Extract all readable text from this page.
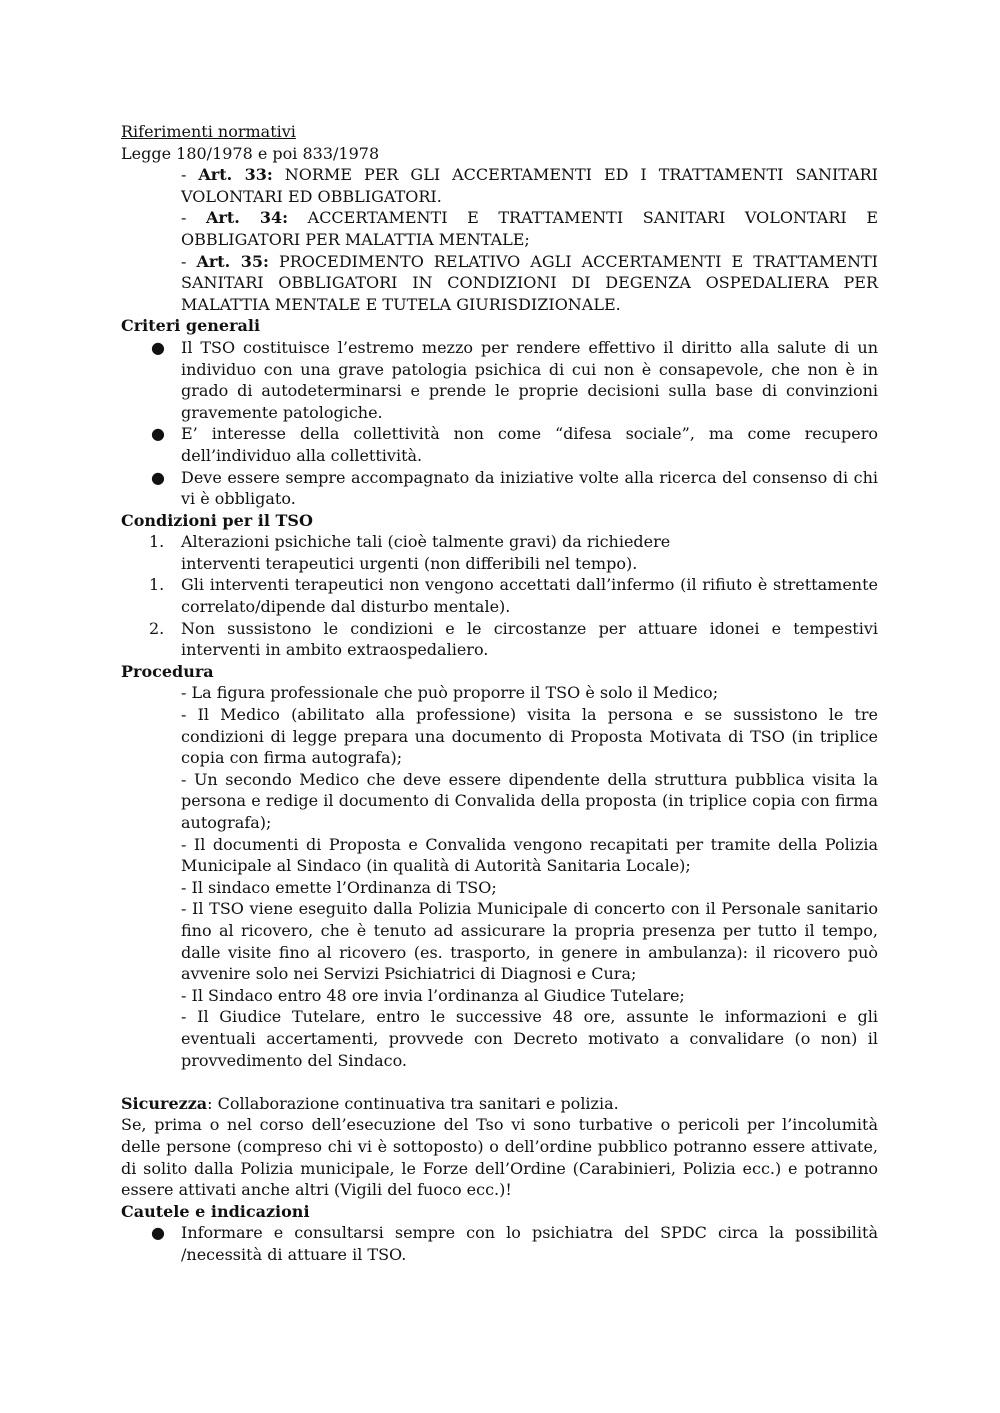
Riferimenti normativi
Legge 180/1978 e poi 833/1978
- Art. 33: NORME PER GLI ACCERTAMENTI ED I TRATTAMENTI SANITARI VOLONTARI ED OBBLIGATORI.
- Art. 34: ACCERTAMENTI E TRATTAMENTI SANITARI VOLONTARI E OBBLIGATORI PER MALATTIA MENTALE;
- Art. 35: PROCEDIMENTO RELATIVO AGLI ACCERTAMENTI E TRATTAMENTI SANITARI OBBLIGATORI IN CONDIZIONI DI DEGENZA OSPEDALIERA PER MALATTIA MENTALE E TUTELA GIURISDIZIONALE.
Criteri generali
● Il TSO costituisce l’estremo mezzo per rendere effettivo il diritto alla salute di un individuo con una grave patologia psichica di cui non è consapevole, che non è in grado di autodeterminarsi e prende le proprie decisioni sulla base di convinzioni gravemente patologiche.
● E’ interesse della collettività non come “difesa sociale”, ma come recupero dell’individuo alla collettività.
● Deve essere sempre accompagnato da iniziative volte alla ricerca del consenso di chi vi è obbligato.
Condizioni per il TSO
1. Alterazioni psichiche tali (cioè talmente gravi) da richiedere
interventi terapeutici urgenti (non differibili nel tempo).
1. Gli interventi terapeutici non vengono accettati dall’infermo (il rifiuto è strettamente correlato/dipende dal disturbo mentale).
2. Non sussistono le condizioni e le circostanze per attuare idonei e tempestivi interventi in ambito extraospedaliero.
Procedura
- La figura professionale che può proporre il TSO è solo il Medico;
- Il Medico (abilitato alla professione) visita la persona e se sussistono le tre condizioni di legge prepara una documento di Proposta Motivata di TSO (in triplice copia con firma autografa);
- Un secondo Medico che deve essere dipendente della struttura pubblica visita la persona e redige il documento di Convalida della proposta (in triplice copia con firma autografa);
- Il documenti di Proposta e Convalida vengono recapitati per tramite della Polizia Municipale al Sindaco (in qualità di Autorità Sanitaria Locale);
- Il sindaco emette l’Ordinanza di TSO;
- Il TSO viene eseguito dalla Polizia Municipale di concerto con il Personale sanitario fino al ricovero, che è tenuto ad assicurare la propria presenza per tutto il tempo, dalle visite fino al ricovero (es. trasporto, in genere in ambulanza): il ricovero può avvenire solo nei Servizi Psichiatrici di Diagnosi e Cura;
- Il Sindaco entro 48 ore invia l’ordinanza al Giudice Tutelare;
- Il Giudice Tutelare, entro le successive 48 ore, assunte le informazioni e gli eventuali accertamenti, provvede con Decreto motivato a convalidare (o non) il provvedimento del Sindaco.
Sicurezza: Collaborazione continuativa tra sanitari e polizia.
Se, prima o nel corso dell’esecuzione del Tso vi sono turbative o pericoli per l’incolumità delle persone (compreso chi vi è sottoposto) o dell’ordine pubblico potranno essere attivate, di solito dalla Polizia municipale, le Forze dell’Ordine (Carabinieri, Polizia ecc.) e potranno essere attivati anche altri (Vigili del fuoco ecc.)!
Cautele e indicazioni
● Informare e consultarsi sempre con lo psichiatra del SPDC circa la possibilità /necessità di attuare il TSO.
